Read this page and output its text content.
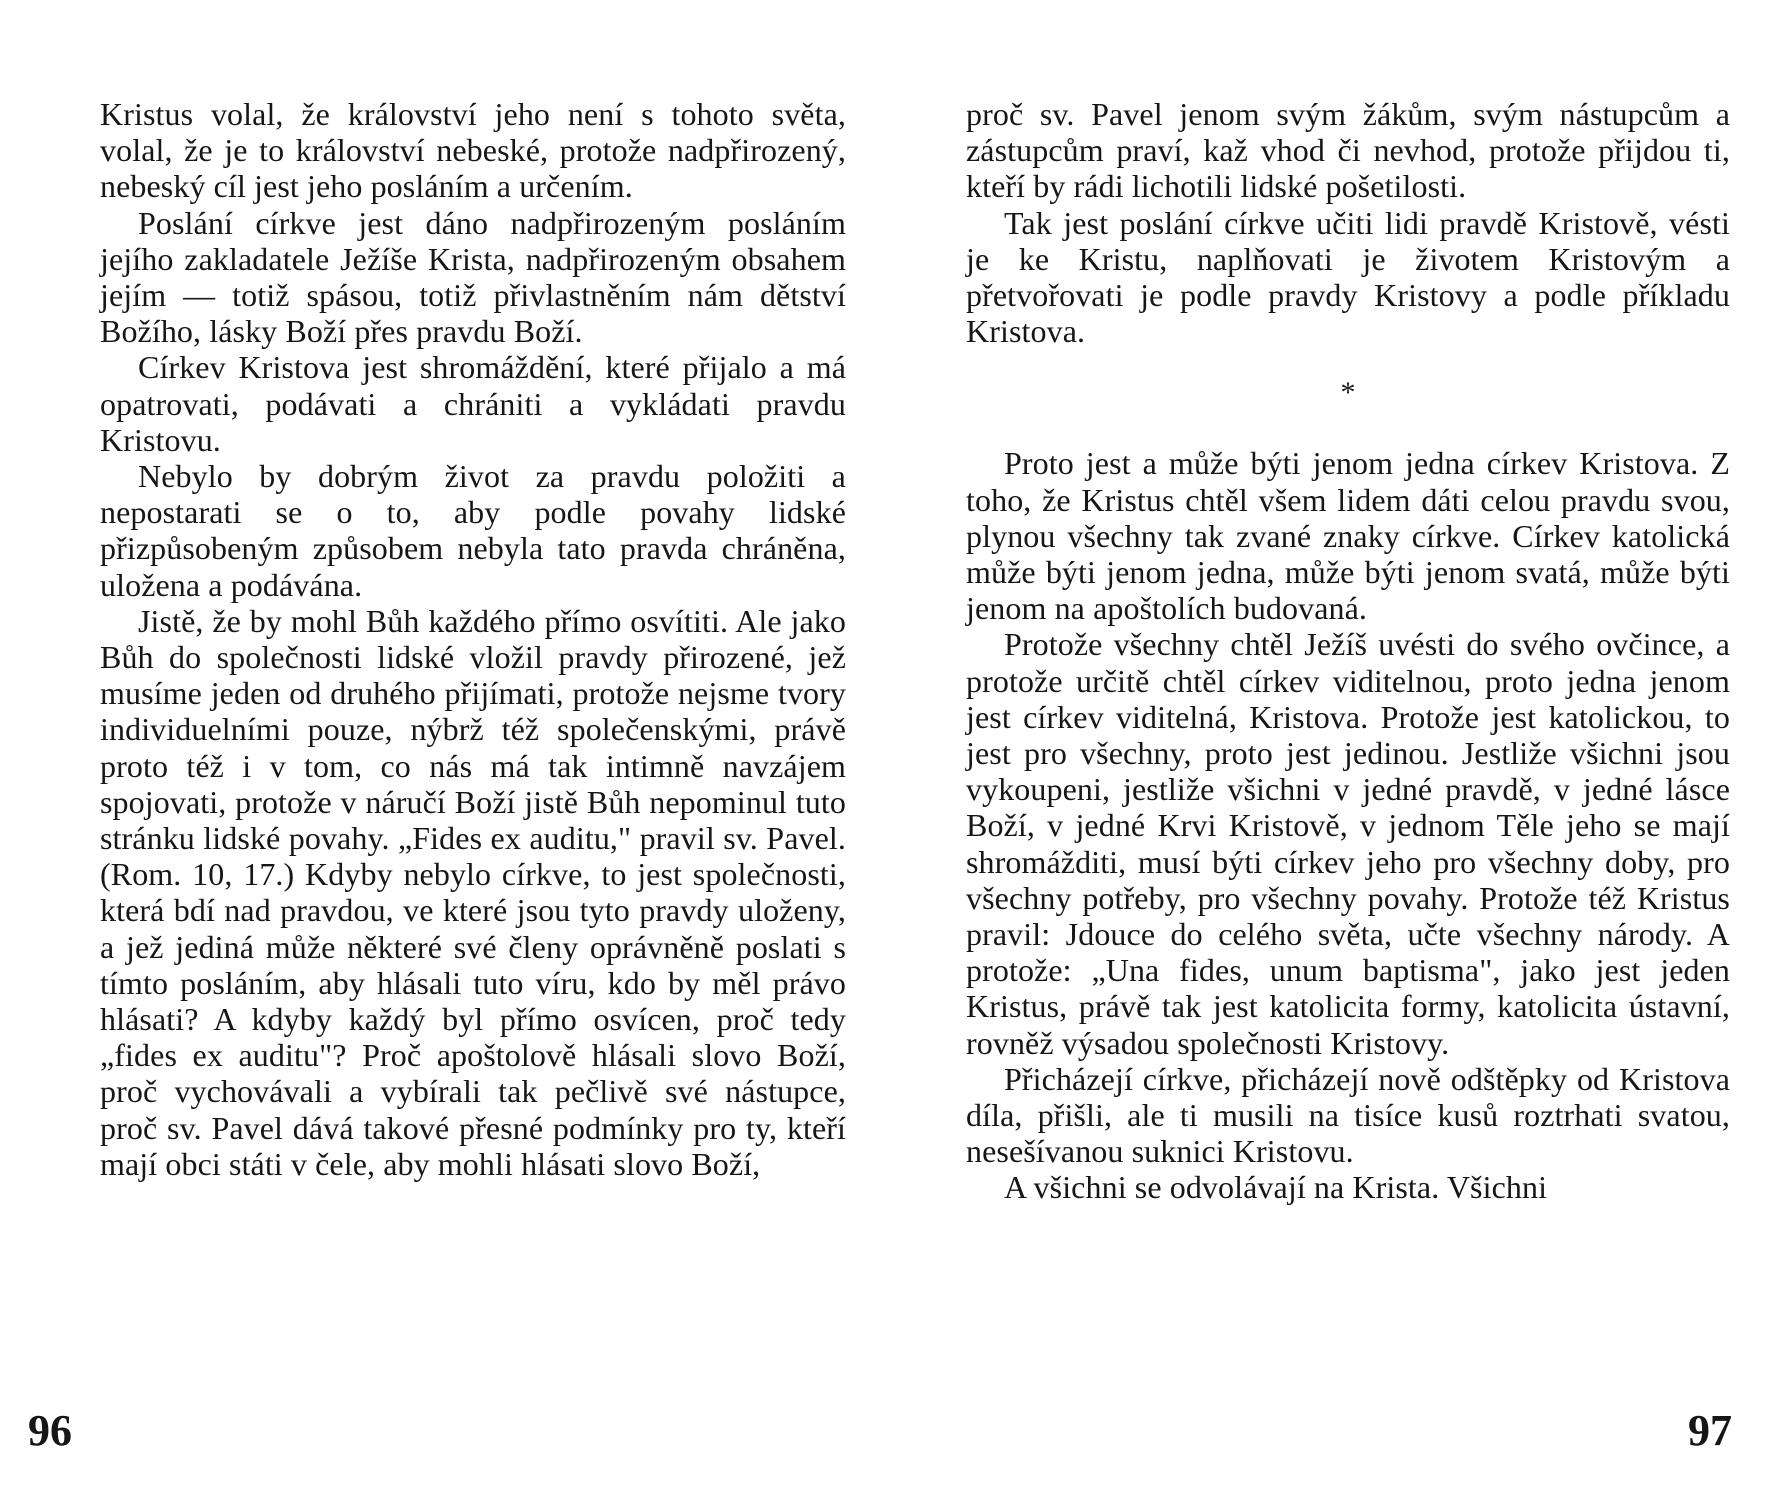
Kristus volal, že království jeho není s tohoto světa, volal, že je to království nebeské, protože nadpřirozený, nebeský cíl jest jeho posláním a určením.

Poslání církve jest dáno nadpřirozeným posláním jejího zakladatele Ježíše Krista, nadpřirozeným obsahem jejím — totiž spásou, totiž přivlastněním nám dětství Božího, lásky Boží přes pravdu Boží.

Církev Kristova jest shromáždění, které přijalo a má opatrovati, podávati a chrániti a vykládati pravdu Kristovu.

Nebylo by dobrým život za pravdu položiti a nepostarati se o to, aby podle povahy lidské přizpůsobeným způsobem nebyla tato pravda chráněna, uložena a podávána.

Jistě, že by mohl Bůh každého přímo osvítiti. Ale jako Bůh do společnosti lidské vložil pravdy přirozené, jež musíme jeden od druhého přijímati, protože nejsme tvory individuelními pouze, nýbrž též společenskými, právě proto též i v tom, co nás má tak intimně navzájem spojovati, protože v náručí Boží jistě Bůh nepominul tuto stránku lidské povahy. „Fides ex auditu," pravil sv. Pavel. (Rom. 10, 17.) Kdyby nebylo církve, to jest společnosti, která bdí nad pravdou, ve které jsou tyto pravdy uloženy, a jež jediná může některé své členy oprávněně poslati s tímto posláním, aby hlásali tuto víru, kdo by měl právo hlásati? A kdyby každý byl přímo osvícen, proč tedy „fides ex auditu"? Proč apoštolově hlásali slovo Boží, proč vychovávali a vybírali tak pečlivě své nástupce, proč sv. Pavel dává takové přesné podmínky pro ty, kteří mají obci státi v čele, aby mohli hlásati slovo Boží,

proč sv. Pavel jenom svým žákům, svým nástupcům a zástupcům praví, kaž vhod či nevhod, protože přijdou ti, kteří by rádi lichotili lidské pošetilosti.

Tak jest poslání církve učiti lidi pravdě Kristově, vésti je ke Kristu, naplňovati je životem Kristovým a přetvořovati je podle pravdy Kristovy a podle příkladu Kristova.

*

Proto jest a může býti jenom jedna církev Kristova. Z toho, že Kristus chtěl všem lidem dáti celou pravdu svou, plynou všechny tak zvané znaky církve. Církev katolická může býti jenom jedna, může býti jenom svatá, může býti jenom na apoštolích budovaná.

Protože všechny chtěl Ježíš uvésti do svého ovčince, a protože určitě chtěl církev viditelnou, proto jedna jenom jest církev viditelná, Kristova. Protože jest katolickou, to jest pro všechny, proto jest jedinou. Jestliže všichni jsou vykoupeni, jestliže všichni v jedné pravdě, v jedné lásce Boží, v jedné Krvi Kristově, v jednom Těle jeho se mají shromážditi, musí býti církev jeho pro všechny doby, pro všechny potřeby, pro všechny povahy. Protože též Kristus pravil: Jdouce do celého světa, učte všechny národy. A protože: „Una fides, unum baptisma", jako jest jeden Kristus, právě tak jest katolicita formy, katolicita ústavní, rovněž výsadou společnosti Kristovy.

Přicházejí církve, přicházejí nově odštěpky od Kristova díla, přišli, ale ti musili na tisíce kusů roztrhati svatou, nesešívanou suknici Kristovu.

A všichni se odvolávají na Krista. Všichni

96	97
